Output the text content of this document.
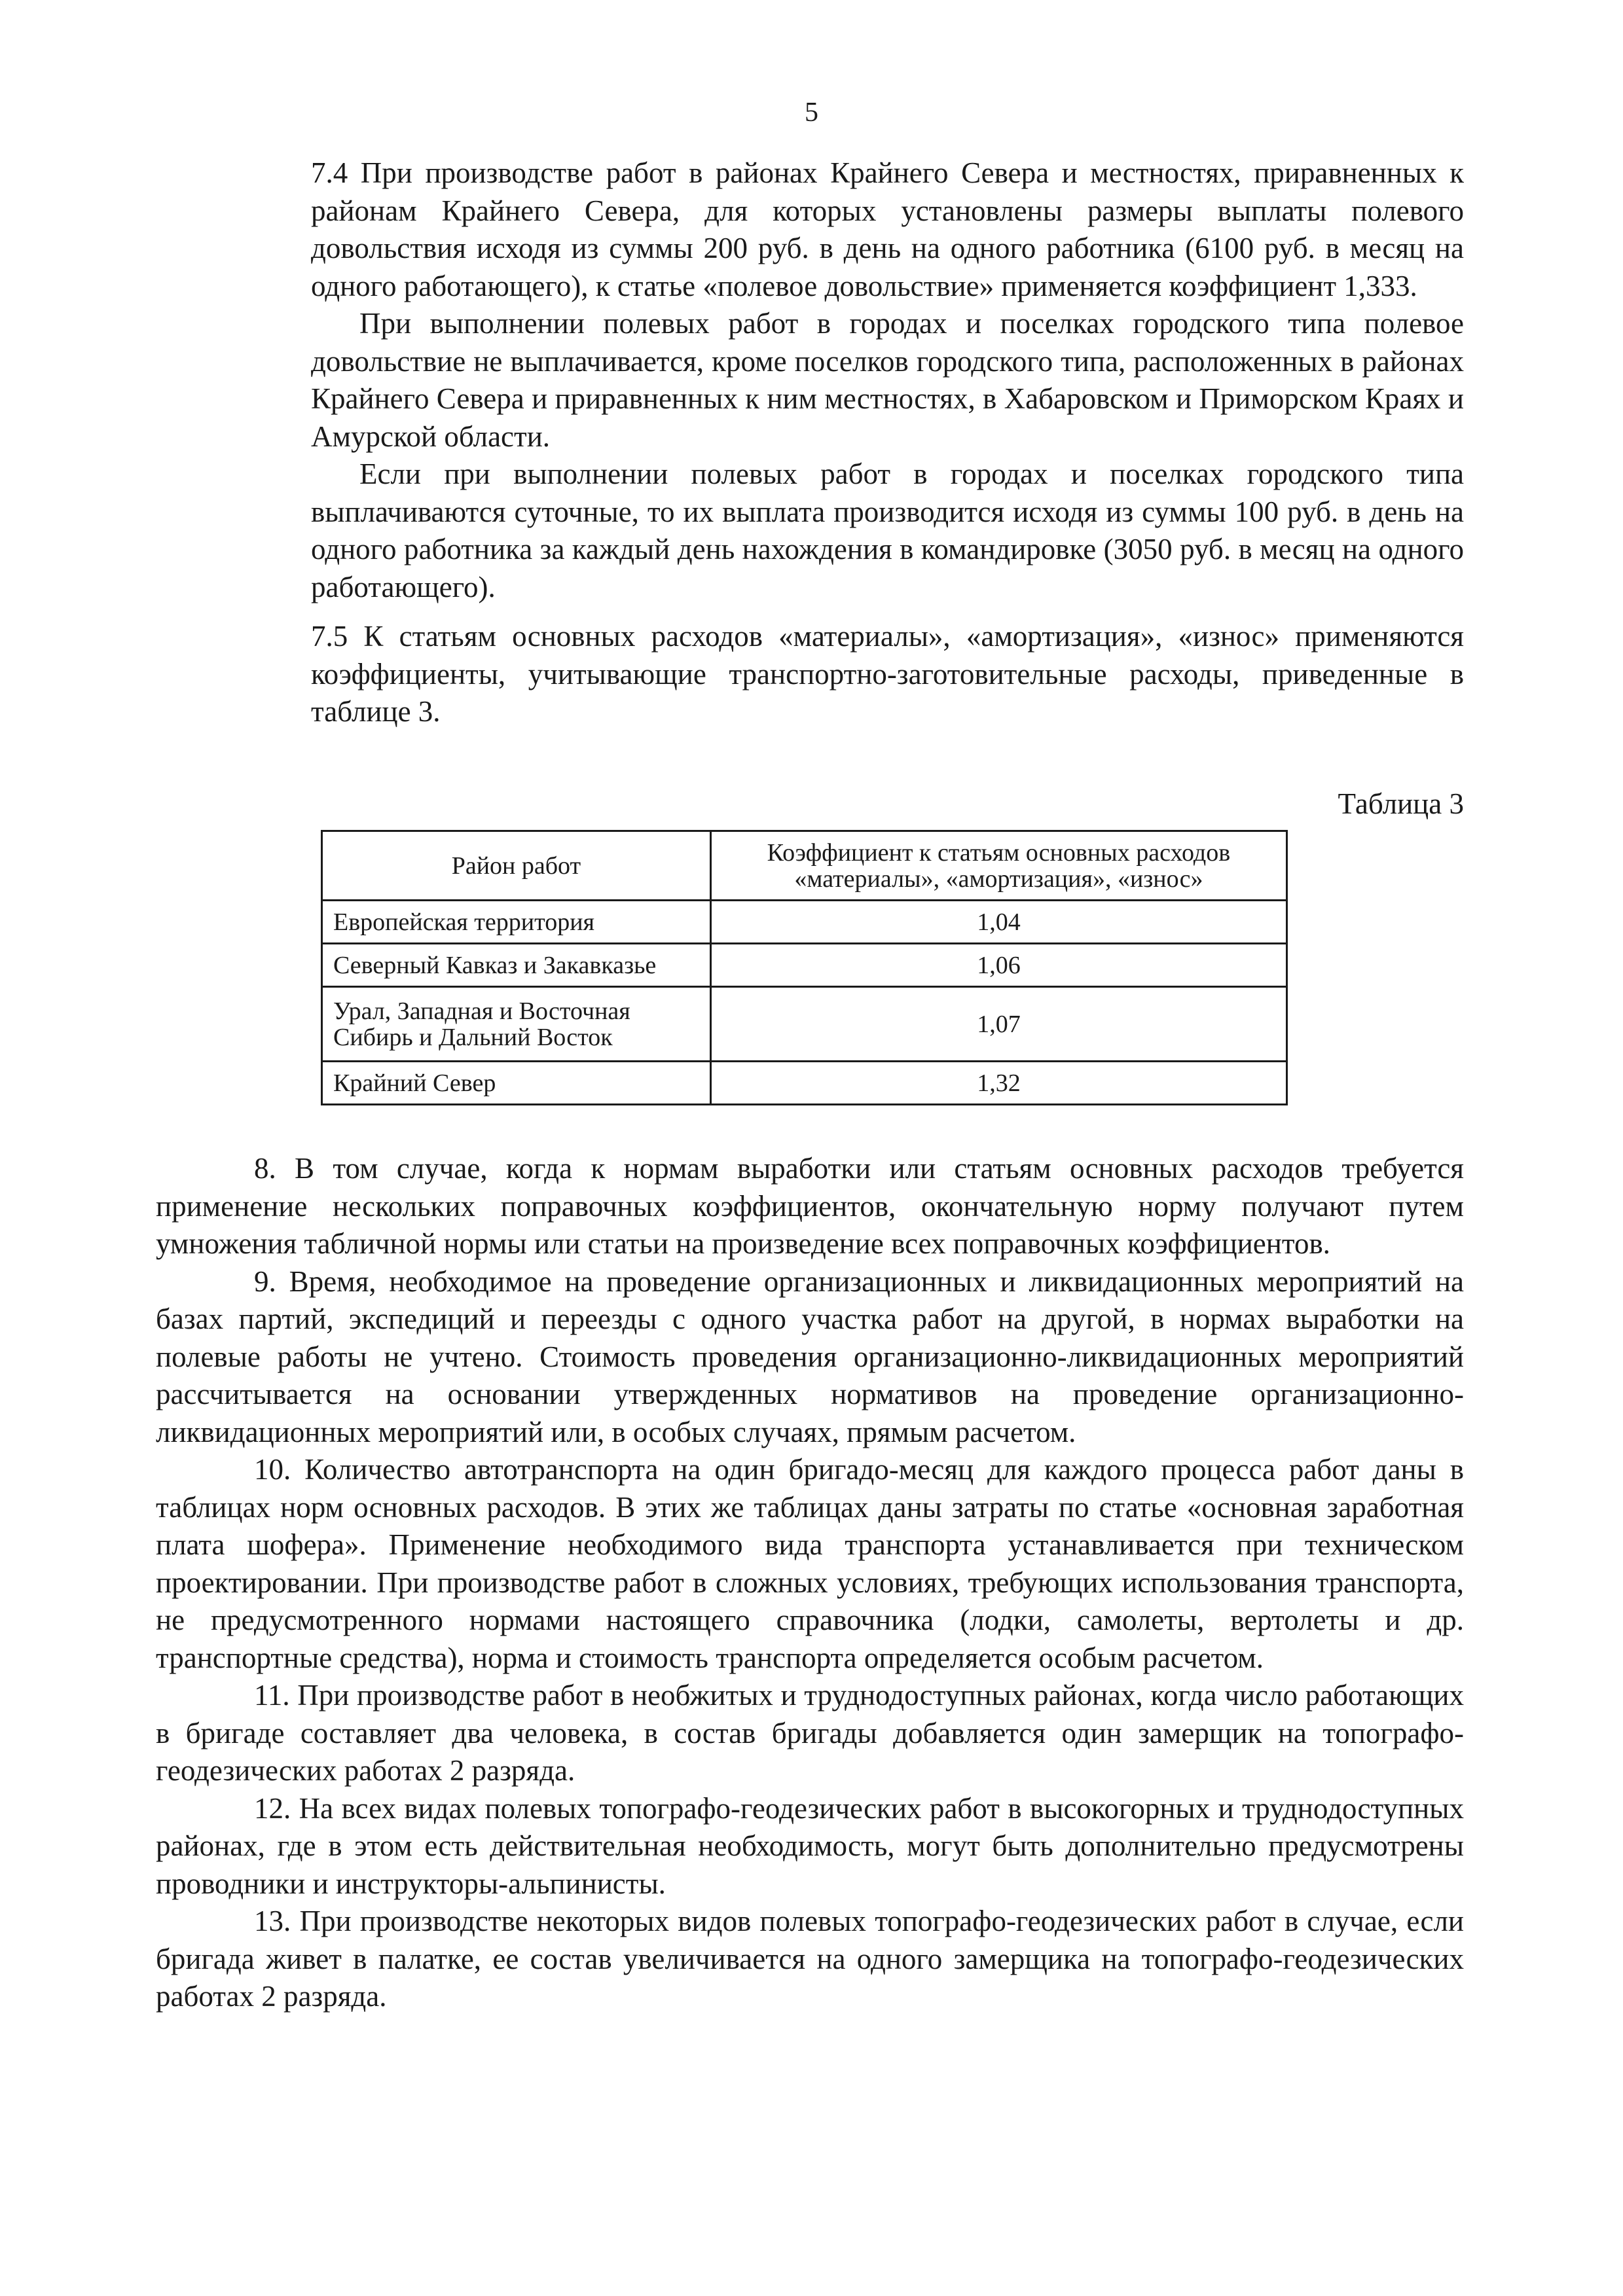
5

7.4 При производстве работ в районах Крайнего Севера и местностях, приравненных к районам Крайнего Севера, для которых установлены размеры выплаты полевого довольствия исходя из суммы 200 руб. в день на одного работника (6100 руб. в месяц на одного работающего), к статье «полевое довольствие» применяется коэффициент 1,333.

При выполнении полевых работ в городах и поселках городского типа полевое довольствие не выплачивается, кроме поселков городского типа, расположенных в районах Крайнего Севера и приравненных к ним местностях, в Хабаровском и Приморском Краях и Амурской области.

Если при выполнении полевых работ в городах и поселках городского типа выплачиваются суточные, то их выплата производится исходя из суммы 100 руб. в день на одного работника за каждый день нахождения в командировке (3050 руб. в месяц на одного работающего).

7.5 К статьям основных расходов «материалы», «амортизация», «износ» применяются коэффициенты, учитывающие транспортно-заготовительные расходы, приведенные в таблице 3.

Таблица 3
Район работ	Коэффициент к статьям основных расходов «материалы», «амортизация», «износ»
Европейская территория	1,04
Северный Кавказ и Закавказье	1,06
Урал, Западная и Восточная Сибирь и Дальний Восток	1,07
Крайний Север	1,32

8. В том случае, когда к нормам выработки или статьям основных расходов требуется применение нескольких поправочных коэффициентов, окончательную норму получают путем умножения табличной нормы или статьи на произведение всех поправочных коэффициентов.

9. Время, необходимое на проведение организационных и ликвидационных мероприятий на базах партий, экспедиций и переезды с одного участка работ на другой, в нормах выработки на полевые работы не учтено. Стоимость проведения организационно-ликвидационных мероприятий рассчитывается на основании утвержденных нормативов на проведение организационно-ликвидационных мероприятий или, в особых случаях, прямым расчетом.

10. Количество автотранспорта на один бригадо-месяц для каждого процесса работ даны в таблицах норм основных расходов. В этих же таблицах даны затраты по статье «основная заработная плата шофера». Применение необходимого вида транспорта устанавливается при техническом проектировании. При производстве работ в сложных условиях, требующих использования транспорта, не предусмотренного нормами настоящего справочника (лодки, самолеты, вертолеты и др. транспортные средства), норма и стоимость транспорта определяется особым расчетом.

11. При производстве работ в необжитых и труднодоступных районах, когда число работающих в бригаде составляет два человека, в состав бригады добавляется один замерщик на топографо-геодезических работах 2 разряда.

12. На всех видах полевых топографо-геодезических работ в высокогорных и труднодоступных районах, где в этом есть действительная необходимость, могут быть дополнительно предусмотрены проводники и инструкторы-альпинисты.

13. При производстве некоторых видов полевых топографо-геодезических работ в случае, если бригада живет в палатке, ее состав увеличивается на одного замерщика на топографо-геодезических работах 2 разряда.
